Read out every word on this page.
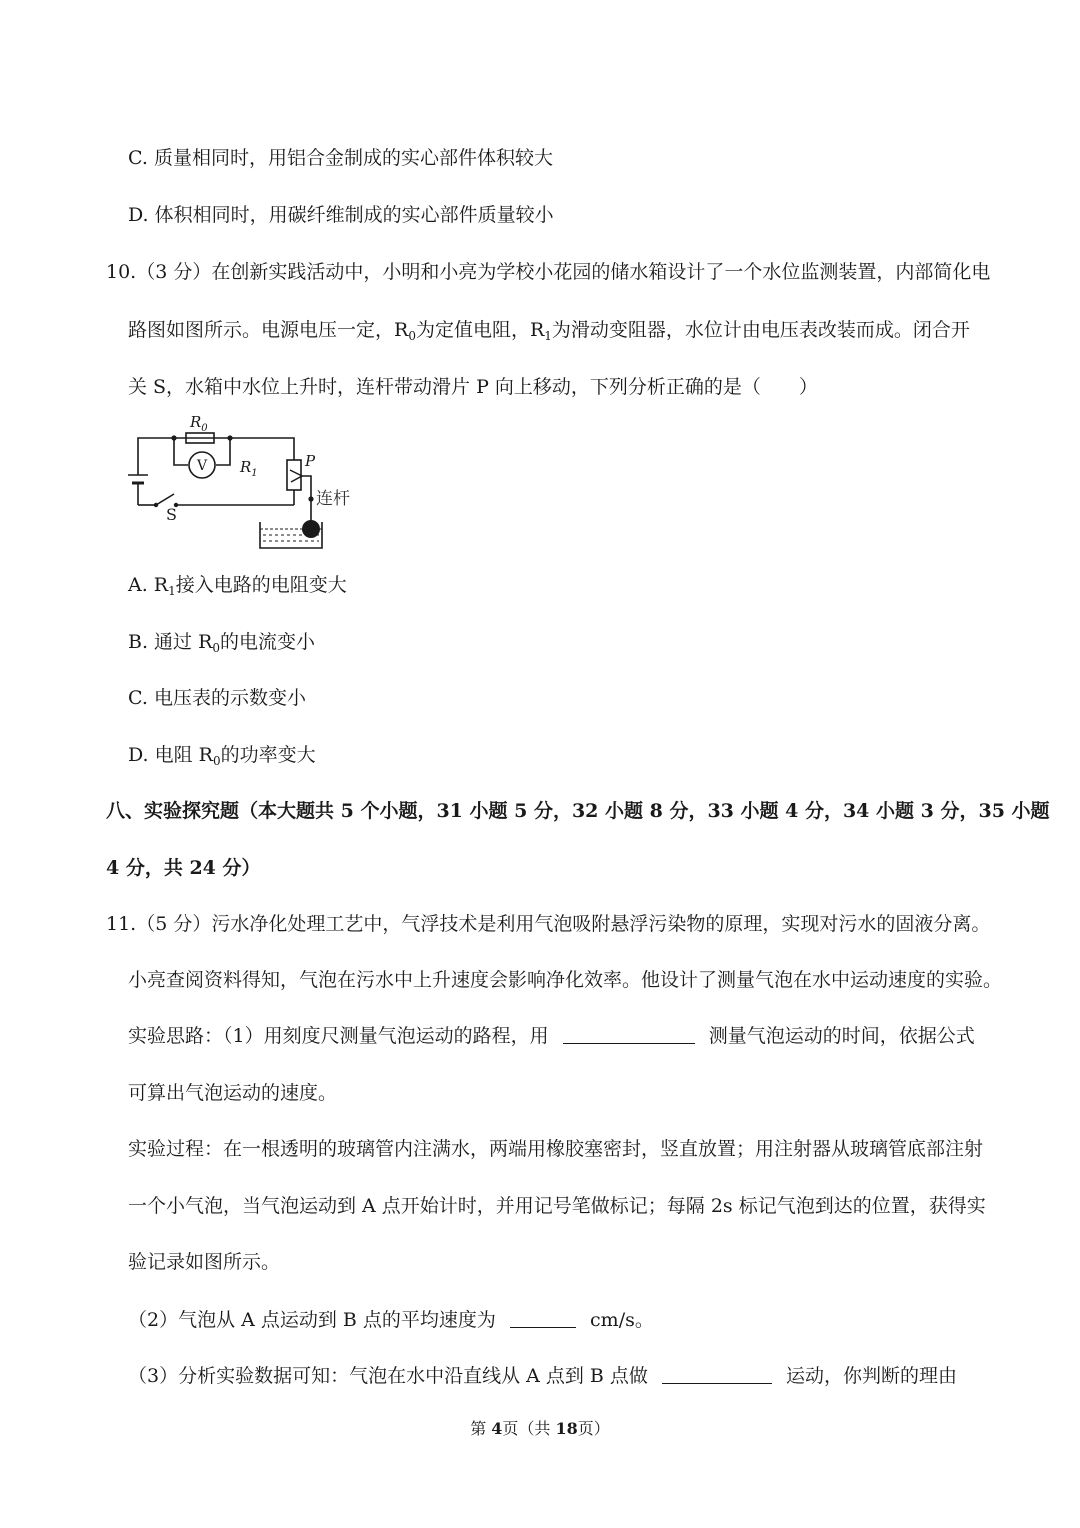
C. 质量相同时，用铝合金制成的实心部件体积较大
D. 体积相同时，用碳纤维制成的实心部件质量较小
10.（3 分）在创新实践活动中，小明和小亮为学校小花园的储水箱设计了一个水位监测装置，内部简化电
路图如图所示。电源电压一定，$R_0$为定值电阻，$R_1$为滑动变阻器，水位计由电压表改装而成。闭合开
关 S，水箱中水位上升时，连杆带动滑片 P 向上移动，下列分析正确的是（　　）
$R_0$
V $R_1$
P
S
连杆
A. $R_1$接入电路的电阻变大
B. 通过 $R_0$的电流变小
C. 电压表的示数变小
D. 电阻 $R_0$的功率变大
八、实验探究题（本大题共 5 个小题，31 小题 5 分，32 小题 8 分，33 小题 4 分，34 小题 3 分，35 小题
4 分，共 24 分）
11.（5 分）污水净化处理工艺中，气浮技术是利用气泡吸附悬浮污染物的原理，实现对污水的固液分离。
小亮查阅资料得知，气泡在污水中上升速度会影响净化效率。他设计了测量气泡在水中运动速度的实验。
实验思路：（1）用刻度尺测量气泡运动的路程，用	测量气泡运动的时间，依据公式
可算出气泡运动的速度。
实验过程：在一根透明的玻璃管内注满水，两端用橡胶塞密封，竖直放置；用注射器从玻璃管底部注射
一个小气泡，当气泡运动到 A 点开始计时，并用记号笔做标记；每隔 2s 标记气泡到达的位置，获得实
验记录如图所示。
（2）气泡从 A 点运动到 B 点的平均速度为	cm/s。
（3）分析实验数据可知：气泡在水中沿直线从 A 点到 B 点做	运动，你判断的理由
第 4页（共 18页）
